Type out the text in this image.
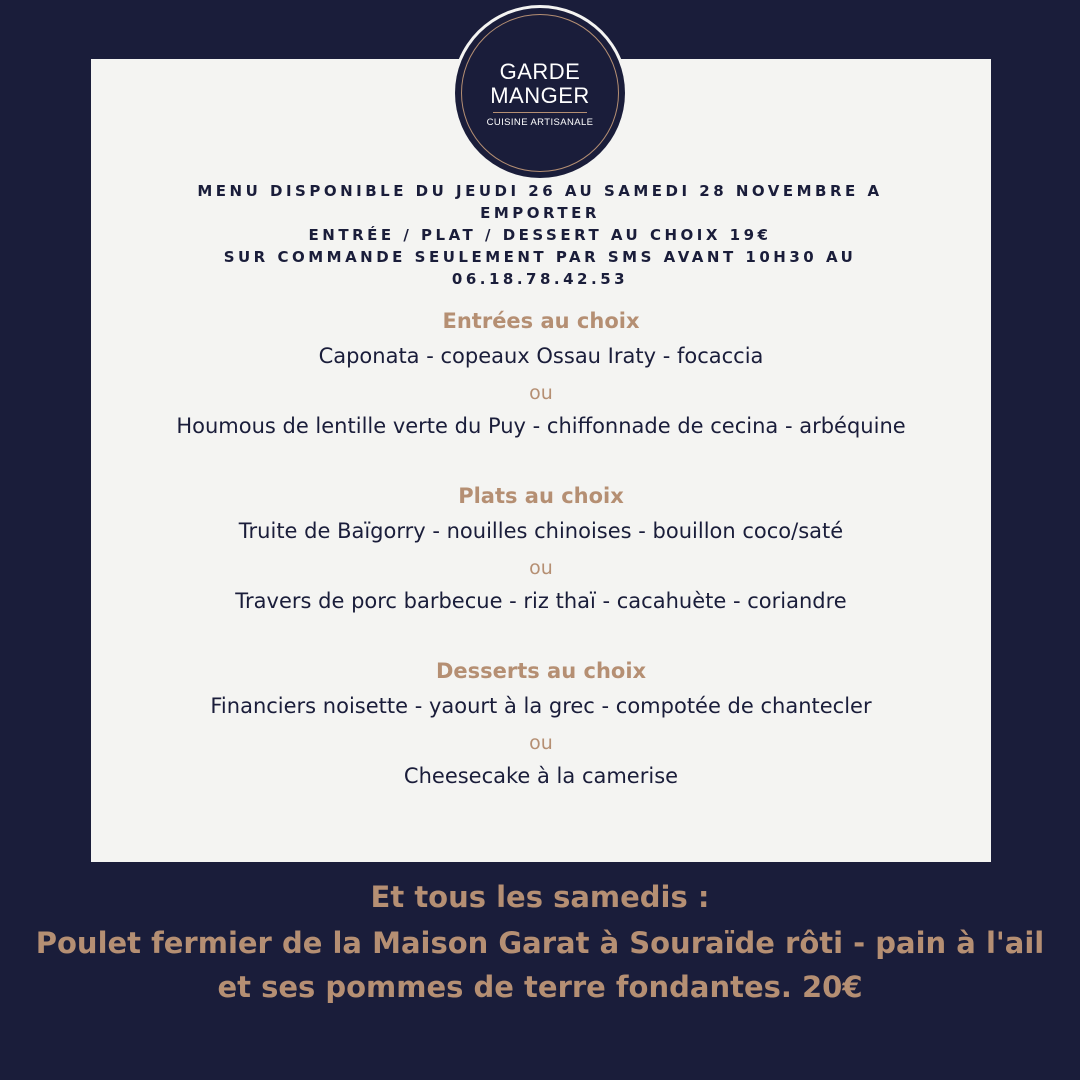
GARDE
MANGER
CUISINE ARTISANALE
MENU DISPONIBLE DU JEUDI 26 AU SAMEDI 28 NOVEMBRE A
EMPORTER
ENTRÉE / PLAT / DESSERT AU CHOIX 19€
SUR COMMANDE SEULEMENT PAR SMS AVANT 10H30 AU
06.18.78.42.53
Entrées au choix
Caponata - copeaux Ossau Iraty - focaccia
ou
Houmous de lentille verte du Puy - chiffonnade de cecina - arbéquine
Plats au choix
Truite de Baïgorry - nouilles chinoises - bouillon coco/saté
ou
Travers de porc barbecue - riz thaï - cacahuète - coriandre
Desserts au choix
Financiers noisette - yaourt à la grec - compotée de chantecler
ou
Cheesecake à la camerise
Et tous les samedis :
Poulet fermier de la Maison Garat à Souraïde rôti - pain à l'ail
et ses pommes de terre fondantes. 20€
